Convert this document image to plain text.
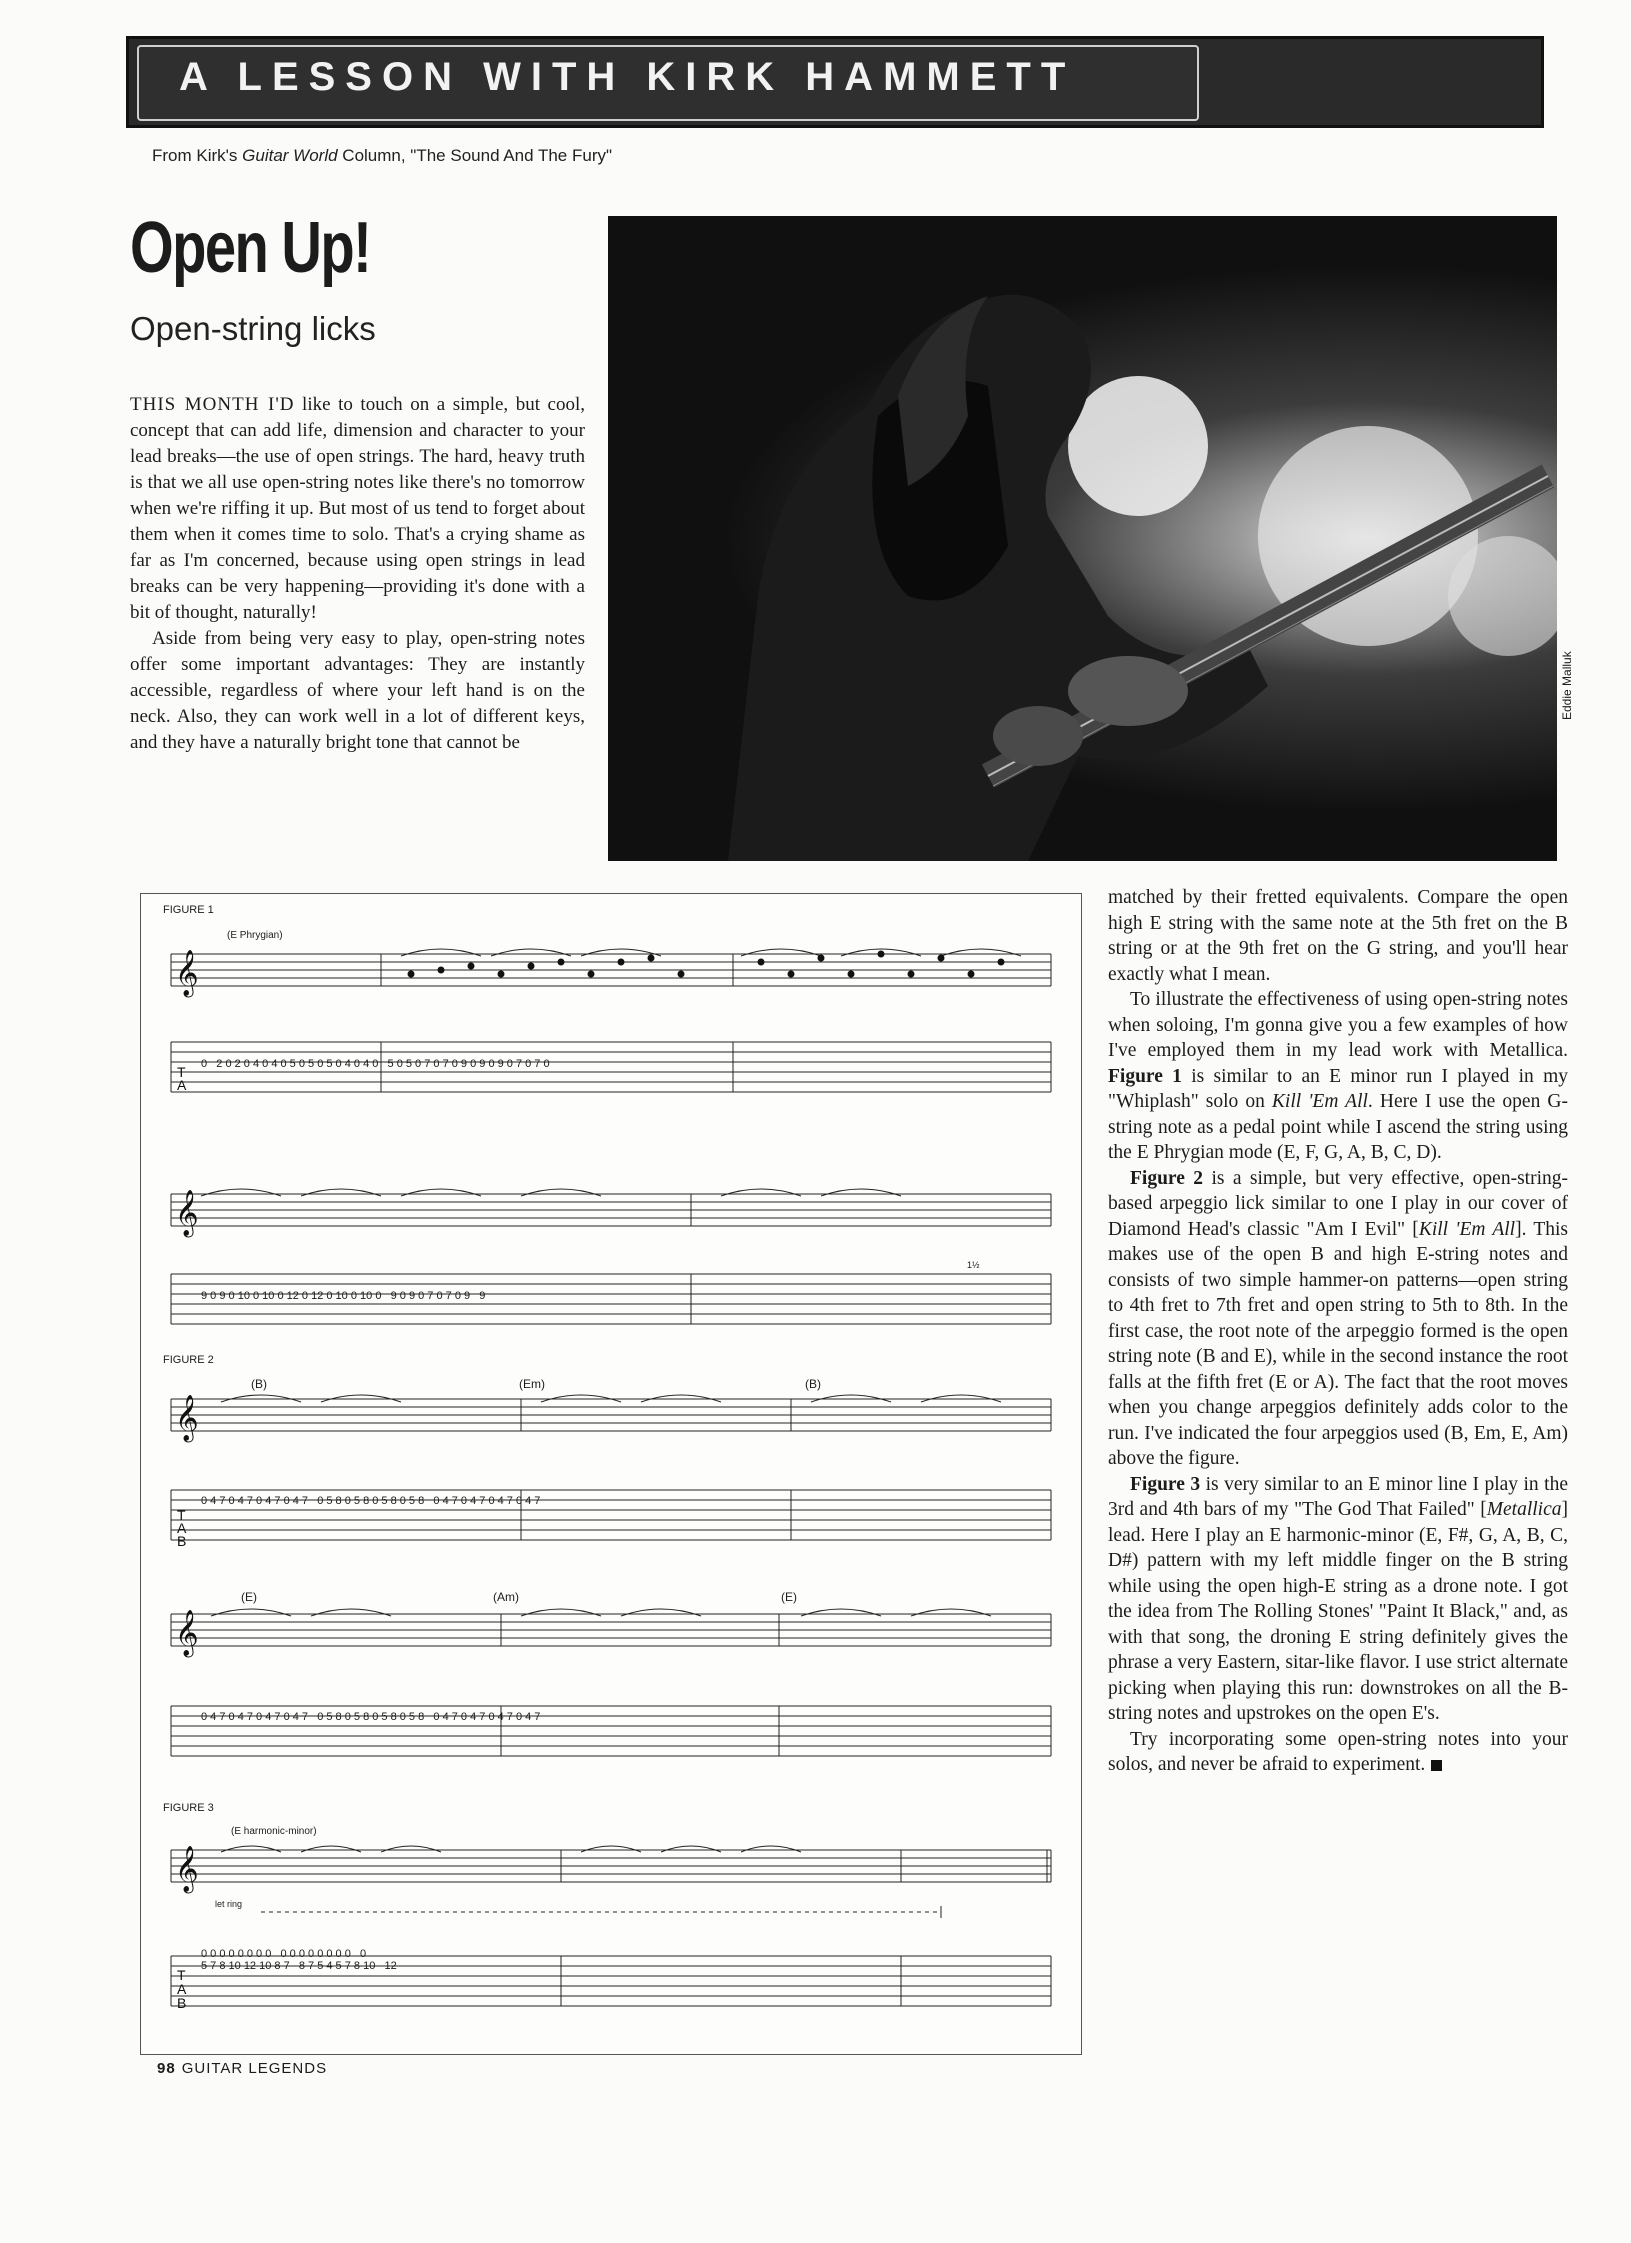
A LESSON WITH KIRK HAMMETT
From Kirk's Guitar World Column, "The Sound And The Fury"
Open Up!
Open-string licks

THIS MONTH I'D like to touch on a simple, but cool, concept that can add life, dimension and character to your lead breaks—the use of open strings. The hard, heavy truth is that we all use open-string notes like there's no tomorrow when we're riffing it up. But most of us tend to forget about them when it comes time to solo. That's a crying shame as far as I'm concerned, because using open strings in lead breaks can be very happening—providing it's done with a bit of thought, naturally!

Aside from being very easy to play, open-string notes offer some important advantages: They are instantly accessible, regardless of where your left hand is on the neck. Also, they can work well in a lot of different keys, and they have a naturally bright tone that cannot be

Eddie Malluk
FIGURE 1
(E Phrygian)
FIGURE 2
(B)	(Em)	(B)
(E)	(Am)	(E)
FIGURE 3
(E harmonic-minor)
let ring
𝄞
𝄞
𝄞
𝄞
𝄞
T
A
T
A
B
T
A
B
0   2 0 2 0 4 0 4 0 5 0 5 0 5 0 4 0 4 0   5 0 5 0 7 0 7 0 9 0 9 0 9 0 7 0 7 0
9 0 9 0 10 0 10 0 12 0 12 0 10 0 10 0   9 0 9 0 7 0 7 0 9   9
1½
0 4 7 0 4 7 0 4 7 0 4 7   0 5 8 0 5 8 0 5 8 0 5 8   0 4 7 0 4 7 0 4 7 0 4 7
0 4 7 0 4 7 0 4 7 0 4 7   0 5 8 0 5 8 0 5 8 0 5 8   0 4 7 0 4 7 0 4 7 0 4 7
0 0 0 0 0 0 0 0   0 0 0 0 0 0 0 0   0
5 7 8 10 12 10 8 7   8 7 5 4 5 7 8 10   12

matched by their fretted equivalents. Compare the open high E string with the same note at the 5th fret on the B string or at the 9th fret on the G string, and you'll hear exactly what I mean.

To illustrate the effectiveness of using open-string notes when soloing, I'm gonna give you a few examples of how I've employed them in my lead work with Metallica. Figure 1 is similar to an E minor run I played in my "Whiplash" solo on Kill 'Em All. Here I use the open G-string note as a pedal point while I ascend the string using the E Phrygian mode (E, F, G, A, B, C, D).

Figure 2 is a simple, but very effective, open-string-based arpeggio lick similar to one I play in our cover of Diamond Head's classic "Am I Evil" [Kill 'Em All]. This makes use of the open B and high E-string notes and consists of two simple hammer-on patterns—open string to 4th fret to 7th fret and open string to 5th to 8th. In the first case, the root note of the arpeggio formed is the open string note (B and E), while in the second instance the root falls at the fifth fret (E or A). The fact that the root moves when you change arpeggios definitely adds color to the run. I've indicated the four arpeggios used (B, Em, E, Am) above the figure.

Figure 3 is very similar to an E minor line I play in the 3rd and 4th bars of my "The God That Failed" [Metallica] lead. Here I play an E harmonic-minor (E, F#, G, A, B, C, D#) pattern with my left middle finger on the B string while using the open high-E string as a drone note. I got the idea from The Rolling Stones' "Paint It Black," and, as with that song, the droning E string definitely gives the phrase a very Eastern, sitar-like flavor. I use strict alternate picking when playing this run: downstrokes on all the B-string notes and upstrokes on the open E's.

Try incorporating some open-string notes into your solos, and never be afraid to experiment.

98 GUITAR LEGENDS
